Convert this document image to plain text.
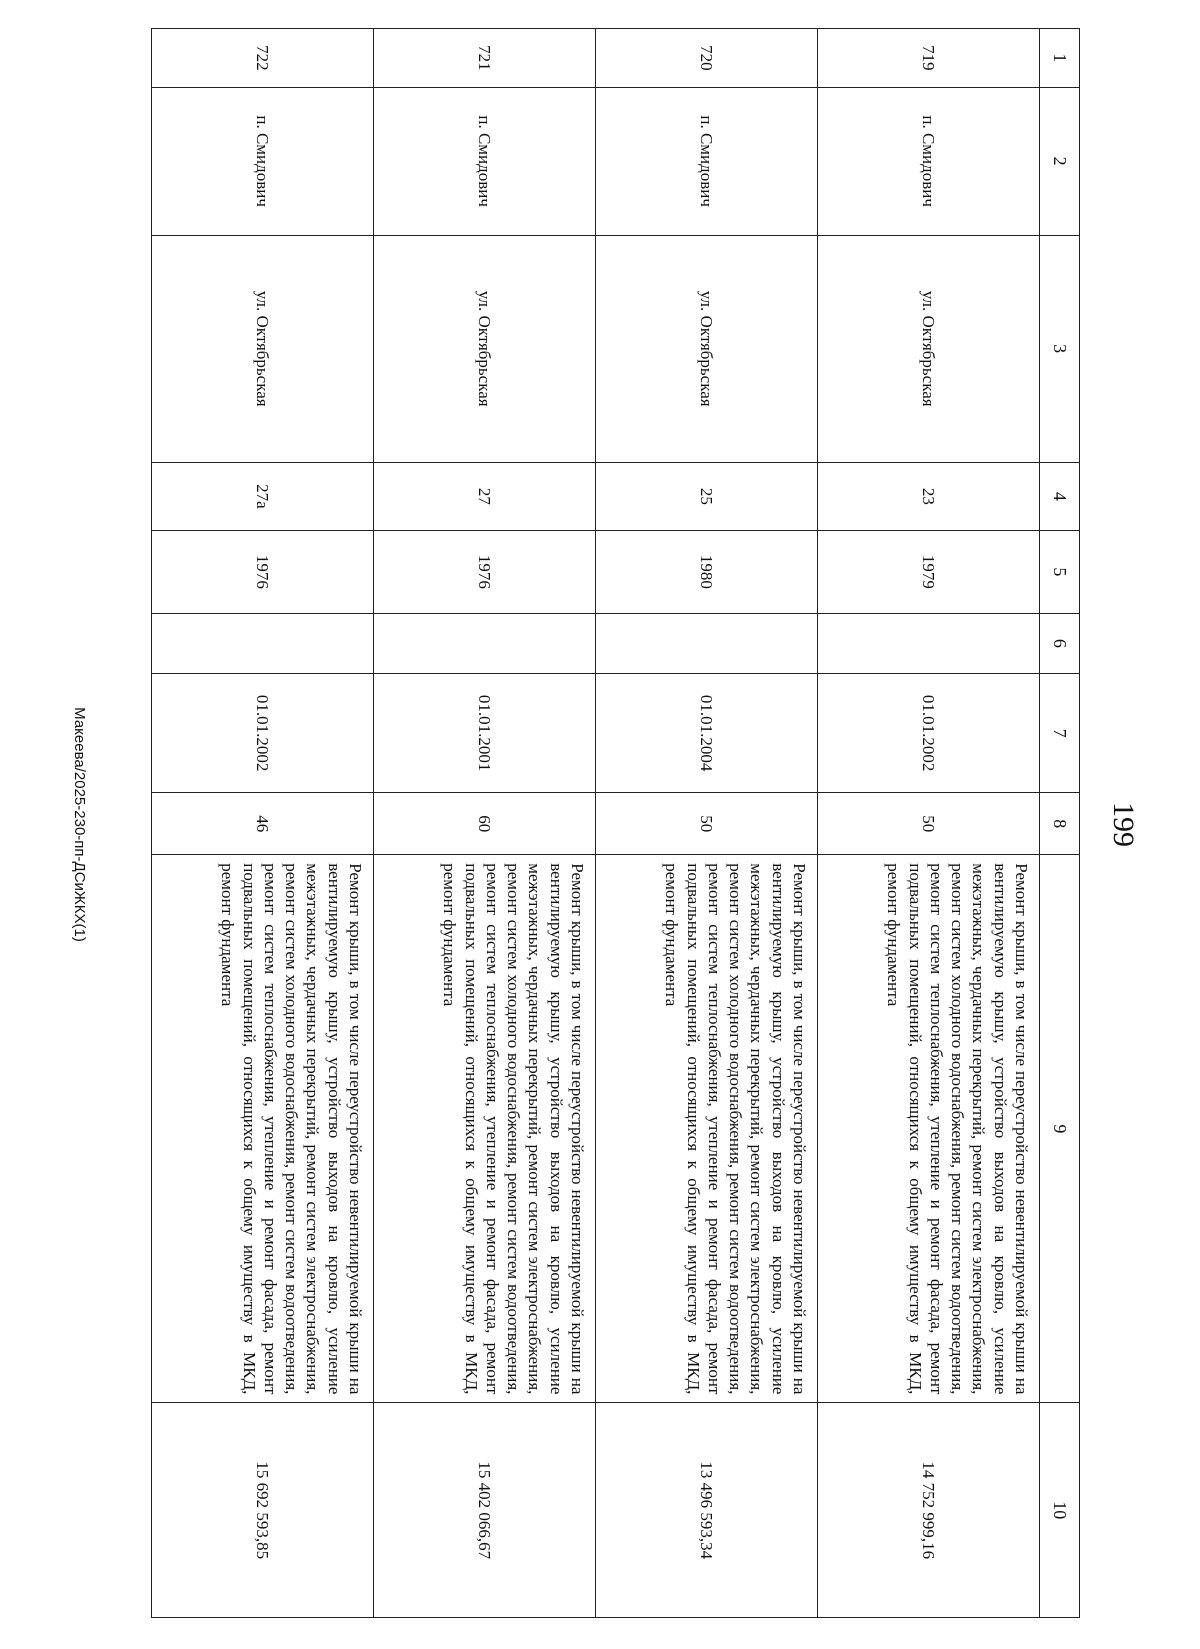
199
1	2	3	4	5	6	7	8	9	10
719	п. Смидович	ул. Октябрьская	23	1979		01.01.2002	50	Ремонт крыши, в том числе переустройство невентилируемой крыши на вентилируемую крышу, устройство выходов на кровлю, усиление межэтажных, чердачных перекрытий, ремонт систем электроснабжения, ремонт систем холодного водоснабжения, ремонт систем водоотведения, ремонт систем теплоснабжения, утепление и ремонт фасада, ремонт подвальных помещений, относящихся к общему имуществу в МКД, ремонт фундамента	14 752 999,16
720	п. Смидович	ул. Октябрьская	25	1980		01.01.2004	50	Ремонт крыши, в том числе переустройство невентилируемой крыши на вентилируемую крышу, устройство выходов на кровлю, усиление межэтажных, чердачных перекрытий, ремонт систем электроснабжения, ремонт систем холодного водоснабжения, ремонт систем водоотведения, ремонт систем теплоснабжения, утепление и ремонт фасада, ремонт подвальных помещений, относящихся к общему имуществу в МКД, ремонт фундамента	13 496 593,34
721	п. Смидович	ул. Октябрьская	27	1976		01.01.2001	60	Ремонт крыши, в том числе переустройство невентилируемой крыши на вентилируемую крышу, устройство выходов на кровлю, усиление межэтажных, чердачных перекрытий, ремонт систем электроснабжения, ремонт систем холодного водоснабжения, ремонт систем водоотведения, ремонт систем теплоснабжения, утепление и ремонт фасада, ремонт подвальных помещений, относящихся к общему имуществу в МКД, ремонт фундамента	15 402 066,67
722	п. Смидович	ул. Октябрьская	27а	1976		01.01.2002	46	Ремонт крыши, в том числе переустройство невентилируемой крыши на вентилируемую крышу, устройство выходов на кровлю, усиление межэтажных, чердачных перекрытий, ремонт систем электроснабжения, ремонт систем холодного водоснабжения, ремонт систем водоотведения, ремонт систем теплоснабжения, утепление и ремонт фасада, ремонт подвальных помещений, относящихся к общему имуществу в МКД, ремонт фундамента	15 692 593,85
Макеева/2025-230-пп-ДСиЖКХ(1)
